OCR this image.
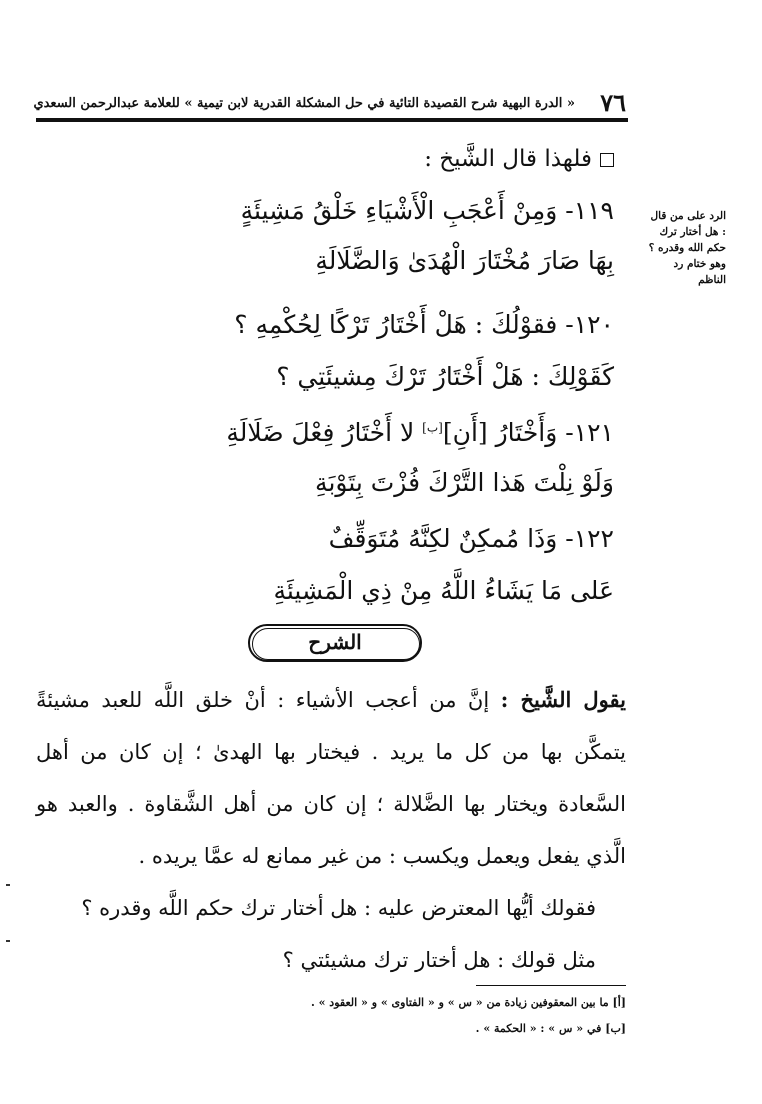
٧٦
« الدرة البهية شرح القصيدة التائية في حل المشكلة القدرية لابن تيمية » للعلامة عبدالرحمن السعدي
الرد على من قال
: هل أختار ترك
حكم الله وقدره ؟
وهو ختام رد
الناظم
فلهذا قال الشَّيخ :
١١٩- وَمِنْ أَعْجَبِ الْأَشْيَاءِ خَلْقُ مَشِيئَةٍ
بِهَا صَارَ مُخْتَارَ الْهُدَىٰ وَالضَّلَالَةِ
١٢٠- فقوْلُكَ : هَلْ أَخْتَارُ تَرْكًا لِحُكْمِهِ ؟
كَقَوْلِكَ : هَلْ أَخْتَارُ تَرْكَ مِشيئَتِي ؟
١٢١- وَأَخْتَارُ [أَنِ][ب] لا أَخْتَارُ فِعْلَ ضَلَالَةِ
وَلَوْ نِلْتَ هَذا التَّرْكَ فُزْتَ بِتَوْبَةِ
١٢٢- وَذَا مُمكِنٌ لكِنَّهُ مُتَوَقِّفٌ
عَلى مَا يَشَاءُ اللَّهُ مِنْ ذِي الْمَشِيئَةِ
الشرح

يقول الشَّيخ : إنَّ من أعجب الأشياء : أنْ خلق اللَّه للعبد مشيئةً يتمكَّن بها من كل ما يريد . فيختار بها الهدىٰ ؛ إن كان من أهل السَّعادة ويختار بها الضَّلالة ؛ إن كان من أهل الشَّقاوة . والعبد هو الَّذي يفعل ويعمل ويكسب : من غير ممانع له عمَّا يريده .

فقولك أيُّها المعترض عليه : هل أختار ترك حكم اللَّه وقدره ؟

مثل قولك : هل أختار ترك مشيئتي ؟

[أ] ما بين المعقوفين زيادة من « س » و « الفتاوى » و « العقود » .

[ب] في « س » : « الحكمة » .
